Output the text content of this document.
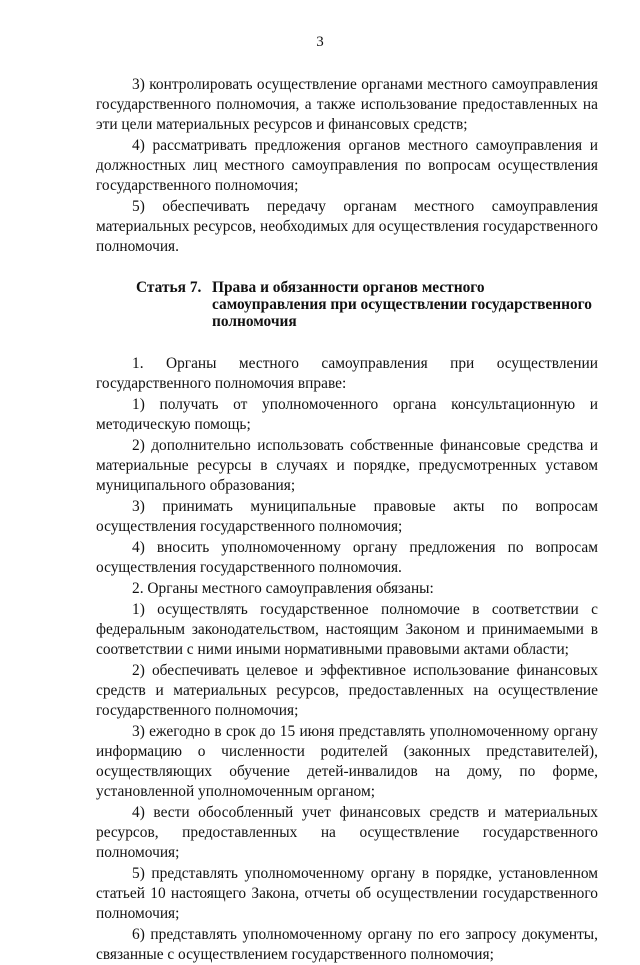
3

3) контролировать осуществление органами местного самоуправления государственного полномочия, а также использование предоставленных на эти цели материальных ресурсов и финансовых средств;

4) рассматривать предложения органов местного самоуправления и должностных лиц местного самоуправления по вопросам осуществления государственного полномочия;

5) обеспечивать передачу органам местного самоуправления материальных ресурсов, необходимых для осуществления государственного полномочия.

Статья 7. Права и обязанности органов местного самоуправления при осуществлении государственного полномочия

1. Органы местного самоуправления при осуществлении государственного полномочия вправе:

1) получать от уполномоченного органа консультационную и методическую помощь;

2) дополнительно использовать собственные финансовые средства и материальные ресурсы в случаях и порядке, предусмотренных уставом муниципального образования;

3) принимать муниципальные правовые акты по вопросам осуществления государственного полномочия;

4) вносить уполномоченному органу предложения по вопросам осуществления государственного полномочия.

2. Органы местного самоуправления обязаны:

1) осуществлять государственное полномочие в соответствии с федеральным законодательством, настоящим Законом и принимаемыми в соответствии с ними иными нормативными правовыми актами области;

2) обеспечивать целевое и эффективное использование финансовых средств и материальных ресурсов, предоставленных на осуществление государственного полномочия;

3) ежегодно в срок до 15 июня представлять уполномоченному органу информацию о численности родителей (законных представителей), осуществляющих обучение детей-инвалидов на дому, по форме, установленной уполномоченным органом;

4) вести обособленный учет финансовых средств и материальных ресурсов, предоставленных на осуществление государственного полномочия;

5) представлять уполномоченному органу в порядке, установленном статьей 10 настоящего Закона, отчеты об осуществлении государственного полномочия;

6) представлять уполномоченному органу по его запросу документы, связанные с осуществлением государственного полномочия;
